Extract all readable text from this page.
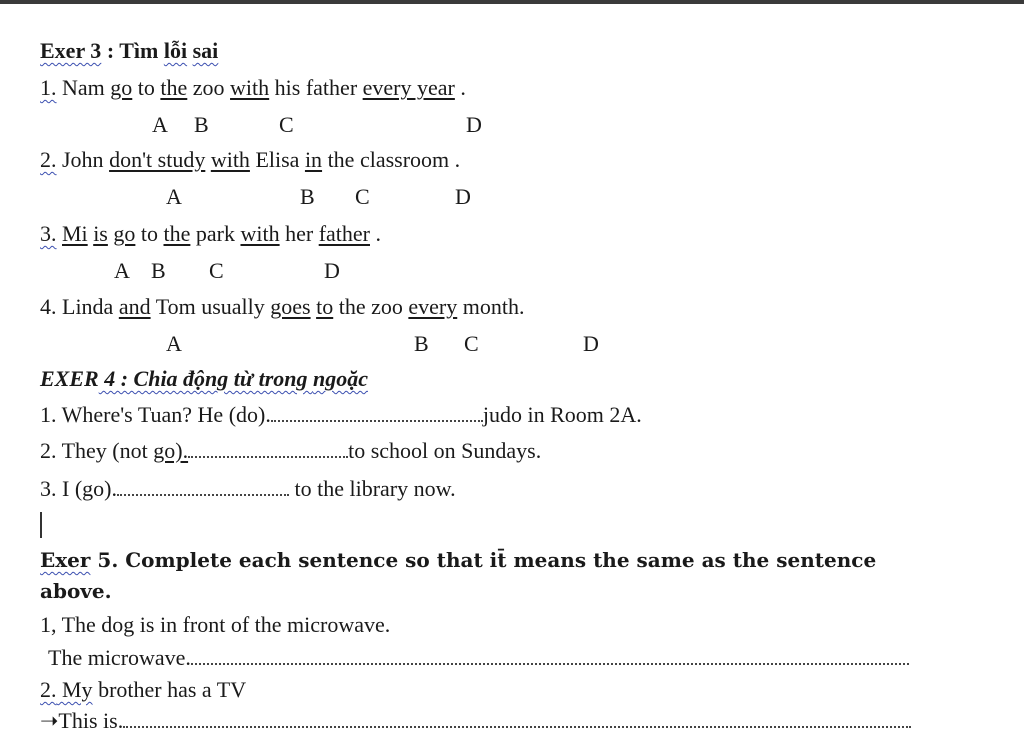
Exer 3 : Tìm lỗi sai
1. Nam go to the zoo with his father every year .
A B	C	D
2. John don't study with Elisa in the classroom .
A	B C	D
3. Mi is go to the park with her father .
A B C	D
4. Linda and Tom usually goes to the zoo every month.
A	B C	D
EXER 4 : Chia động từ trong ngoặc
1. Where's Tuan? He (do).	judo in Room 2A.
2. They (not go).	to school on Sundays.
3. I (go).	to the library now.
Exer 5. Complete each sentence so that it̄ means the same as the sentence
above.
1, The dog is in front of the microwave.
The microwave.
2. My brother has a TV
➝This is.
